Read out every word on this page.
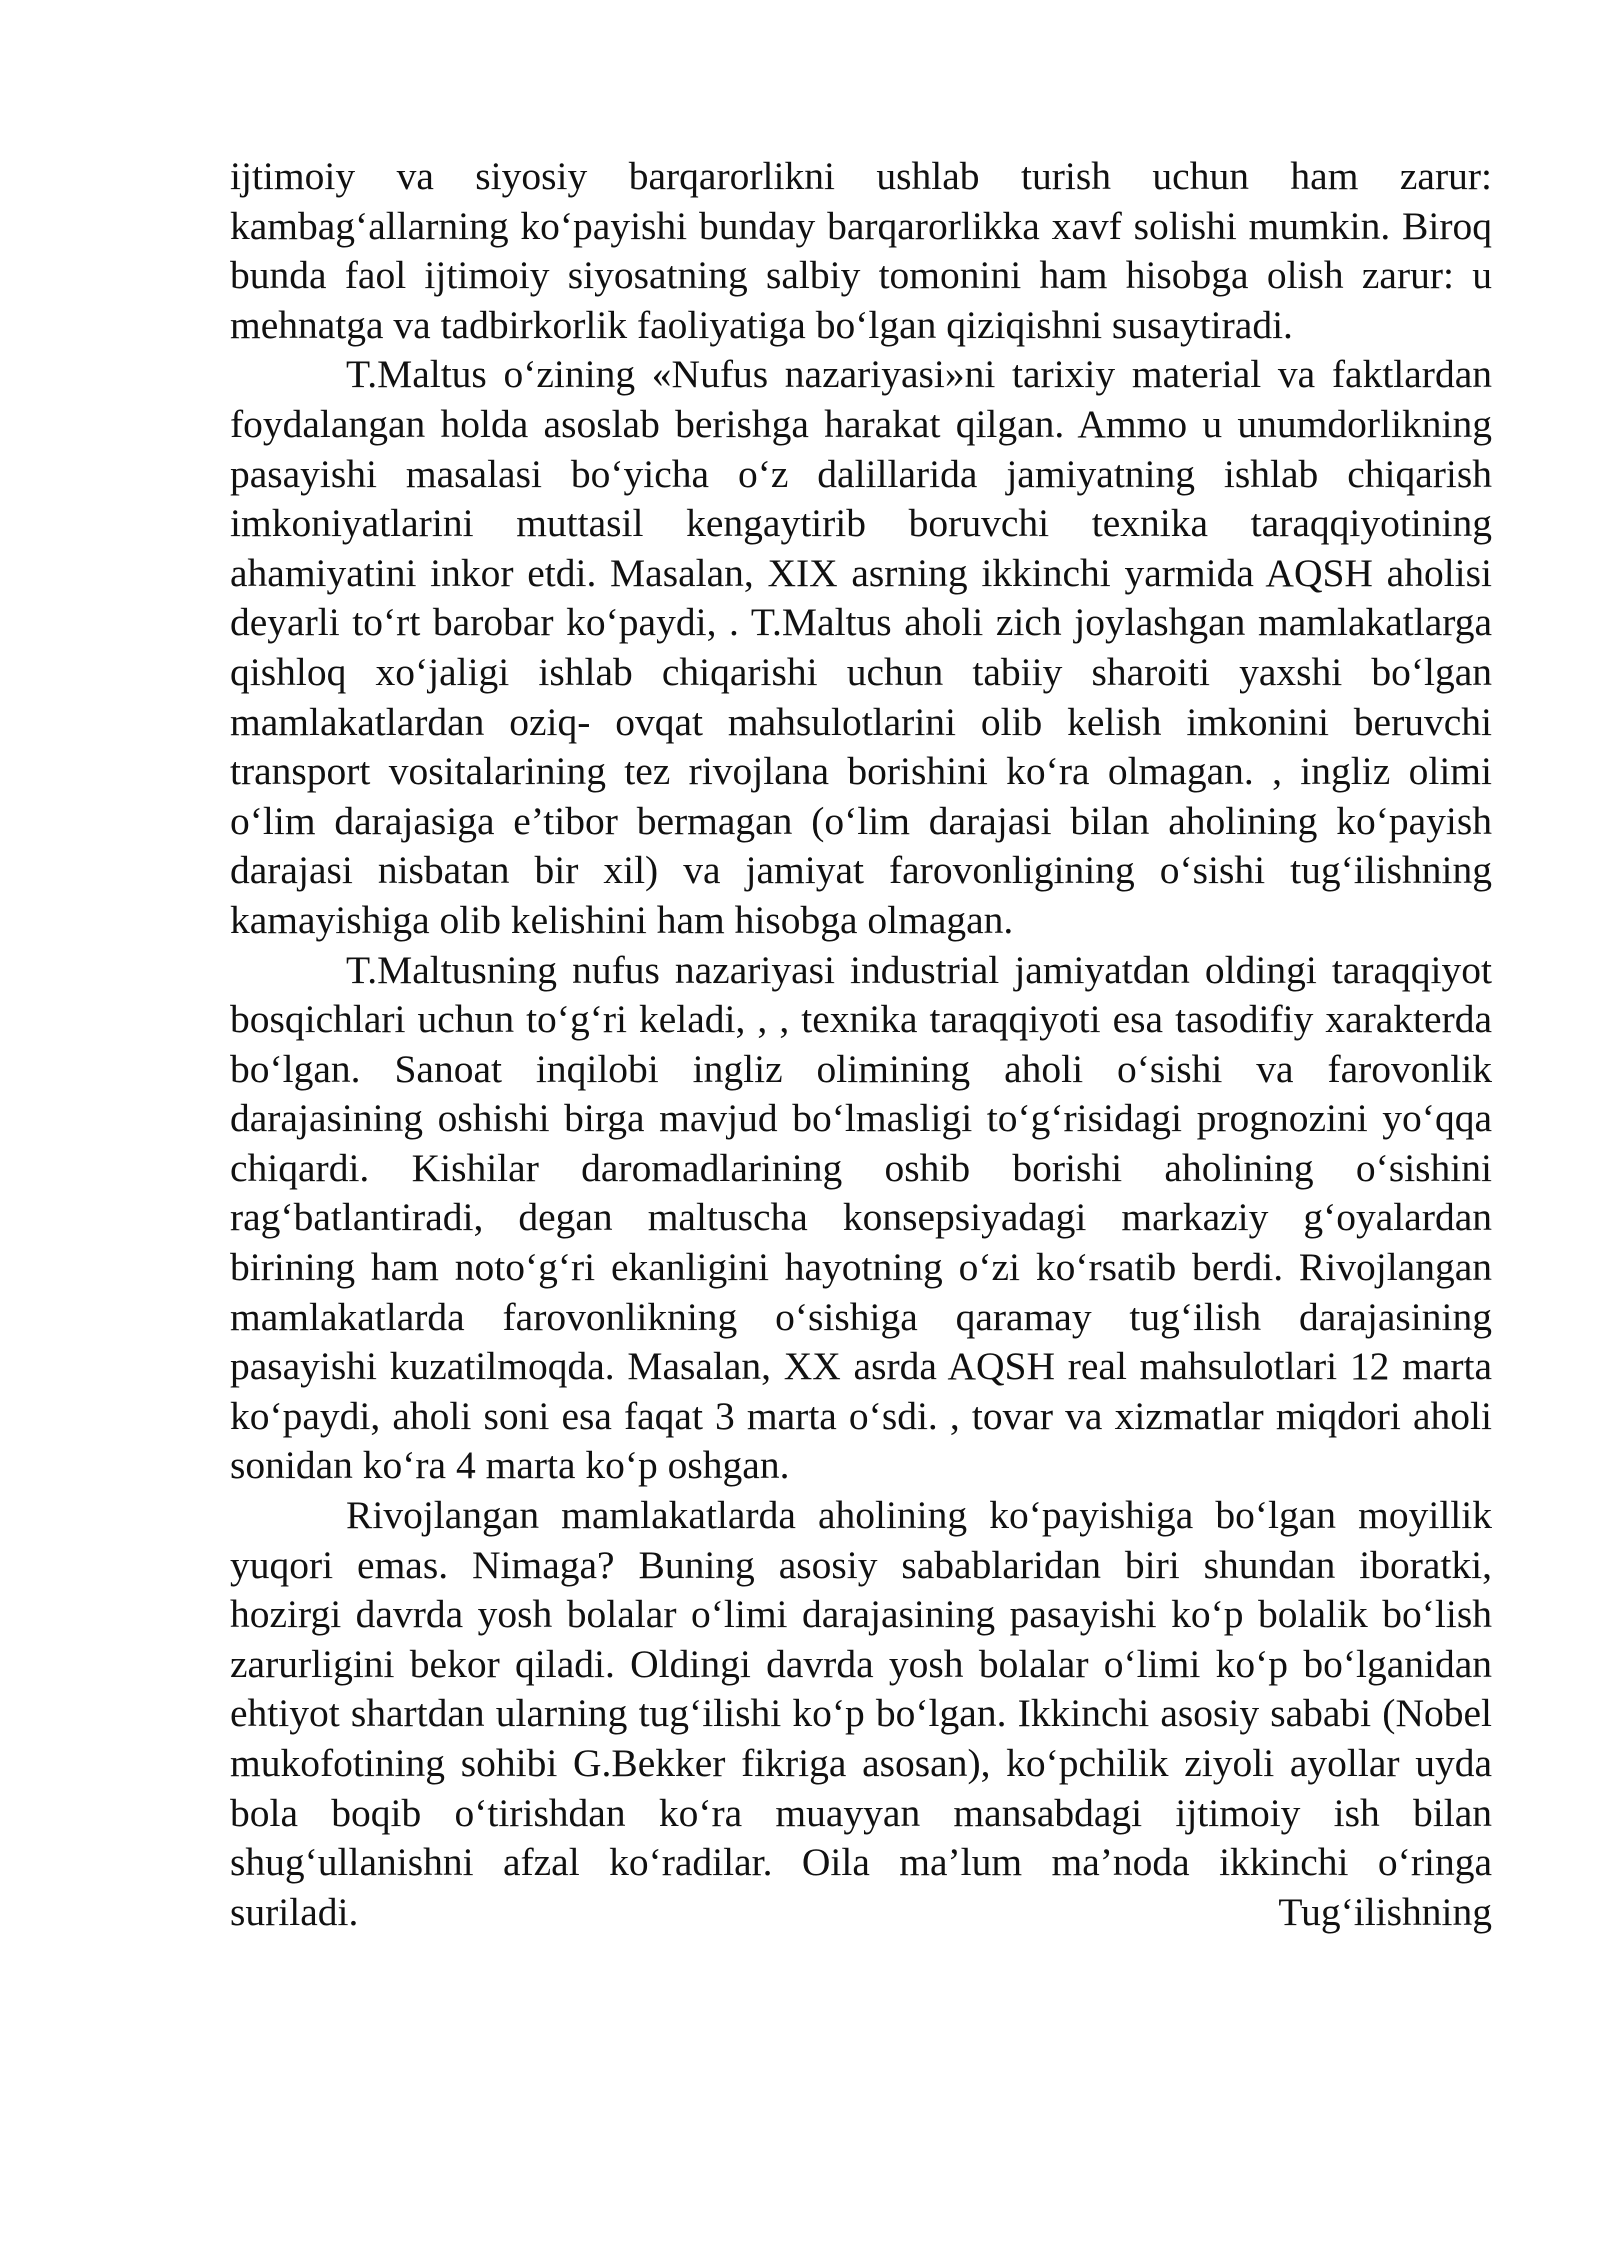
ijtimoiy va siyosiy barqarorlikni ushlab turish uchun ham zarur: kambag‘allarning ko‘payishi bunday barqarorlikka xavf solishi mumkin. Biroq bunda faol ijtimoiy siyosatning salbiy tomonini ham hisobga olish zarur: u mehnatga va tadbirkorlik faoliyatiga bo‘lgan qiziqishni susaytiradi.

T.Maltus o‘zining «Nufus nazariyasi»ni tarixiy material va faktlardan foydalangan holda asoslab berishga harakat qilgan. Ammo u unumdorlikning pasayishi masalasi bo‘yicha o‘z dalillarida jamiyatning ishlab chiqarish imkoniyatlarini muttasil kengaytirib boruvchi texnika taraqqiyotining ahamiyatini inkor etdi. Masalan, XIX asrning ikkinchi yarmida AQSH aholisi deyarli to‘rt barobar ko‘paydi, . T.Maltus aholi zich joylashgan mamlakatlarga qishloq xo‘jaligi ishlab chiqarishi uchun tabiiy sharoiti yaxshi bo‘lgan mamlakatlardan oziq- ovqat mahsulotlarini olib kelish imkonini beruvchi transport vositalarining tez rivojlana borishini ko‘ra olmagan. , ingliz olimi o‘lim darajasiga e’tibor bermagan (o‘lim darajasi bilan aholining ko‘payish darajasi nisbatan bir xil) va jamiyat farovonligining o‘sishi tug‘ilishning kamayishiga olib kelishini ham hisobga olmagan.

T.Maltusning nufus nazariyasi industrial jamiyatdan oldingi taraqqiyot bosqichlari uchun to‘g‘ri keladi, , , texnika taraqqiyoti esa tasodifiy xarakterda bo‘lgan. Sanoat inqilobi ingliz olimining aholi o‘sishi va farovonlik darajasining oshishi birga mavjud bo‘lmasligi to‘g‘risidagi prognozini yo‘qqa chiqardi. Kishilar daromadlarining oshib borishi aholining o‘sishini rag‘batlantiradi, degan maltuscha konsepsiyadagi markaziy g‘oyalardan birining ham noto‘g‘ri ekanligini hayotning o‘zi ko‘rsatib berdi. Rivojlangan mamlakatlarda farovonlikning o‘sishiga qaramay tug‘ilish darajasining pasayishi kuzatilmoqda. Masalan, XX asrda AQSH real mahsulotlari 12 marta ko‘paydi, aholi soni esa faqat 3 marta o‘sdi. , tovar va xizmatlar miqdori aholi sonidan ko‘ra 4 marta ko‘p oshgan.

Rivojlangan mamlakatlarda aholining ko‘payishiga bo‘lgan moyillik yuqori emas. Nimaga? Buning asosiy sabablaridan biri shundan iboratki, hozirgi davrda yosh bolalar o‘limi darajasining pasayishi ko‘p bolalik bo‘lish zarurligini bekor qiladi. Oldingi davrda yosh bolalar o‘limi ko‘p bo‘lganidan ehtiyot shartdan ularning tug‘ilishi ko‘p bo‘lgan. Ikkinchi asosiy sababi (Nobel mukofotining sohibi G.Bekker fikriga asosan), ko‘pchilik ziyoli ayollar uyda bola boqib o‘tirishdan ko‘ra muayyan mansabdagi ijtimoiy ish bilan shug‘ullanishni afzal ko‘radilar. Oila ma’lum ma’noda ikkinchi o‘ringa suriladi. Tug‘ilishning
